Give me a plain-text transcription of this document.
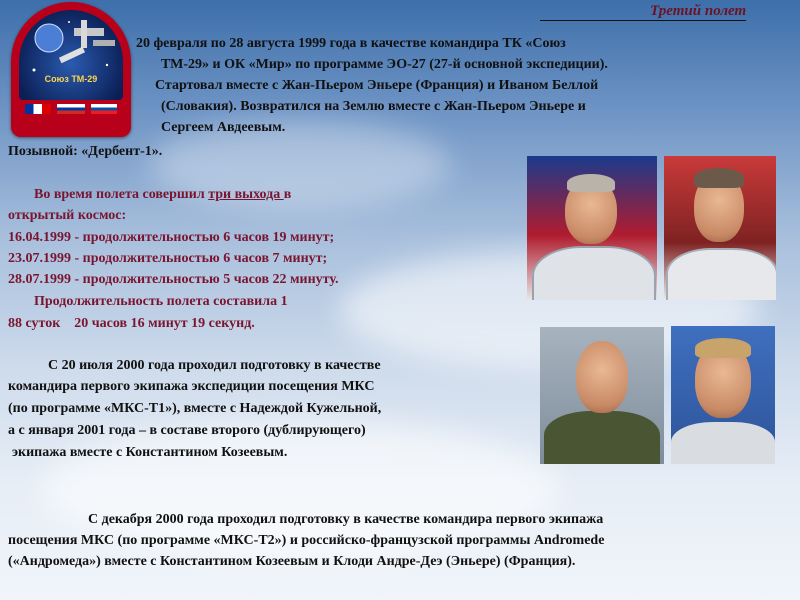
Союз ТМ-29
Третий полет
20 февраля по 28 августа 1999 года в качестве командира ТК «Союз
ТМ-29» и ОК «Мир» по программе ЭО-27 (27-й основной экспедиции).
Стартовал вместе с Жан-Пьером Эньере (Франция) и Иваном Беллой
(Словакия). Возвратился на Землю вместе с Жан-Пьером Эньере и
Сергеем Авдеевым.
Позывной: «Дербент-1».
Во время полета совершил три выхода в
открытый космос:
16.04.1999 - продолжительностью 6 часов 19 минут;
23.07.1999 - продолжительностью 6 часов 7 минут;
28.07.1999 - продолжительностью 5 часов 22 минуту.
Продолжительность полета составила 1
88 суток    20 часов 16 минут 19 секунд.
С 20 июля 2000 года проходил подготовку в качестве
командира первого экипажа экспедиции посещения МКС
(по программе «МКС-Т1»), вместе с Надеждой Кужельной,
а с января 2001 года – в составе второго (дублирующего)
экипажа вместе с Константином Козеевым.
С декабря 2000 года проходил подготовку в качестве командира первого экипажа
посещения МКС (по программе «МКС-Т2») и российско-французской программы Andromede
(«Андромеда») вместе с Константином Козеевым и Клоди Андре-Деэ (Эньере) (Франция).
